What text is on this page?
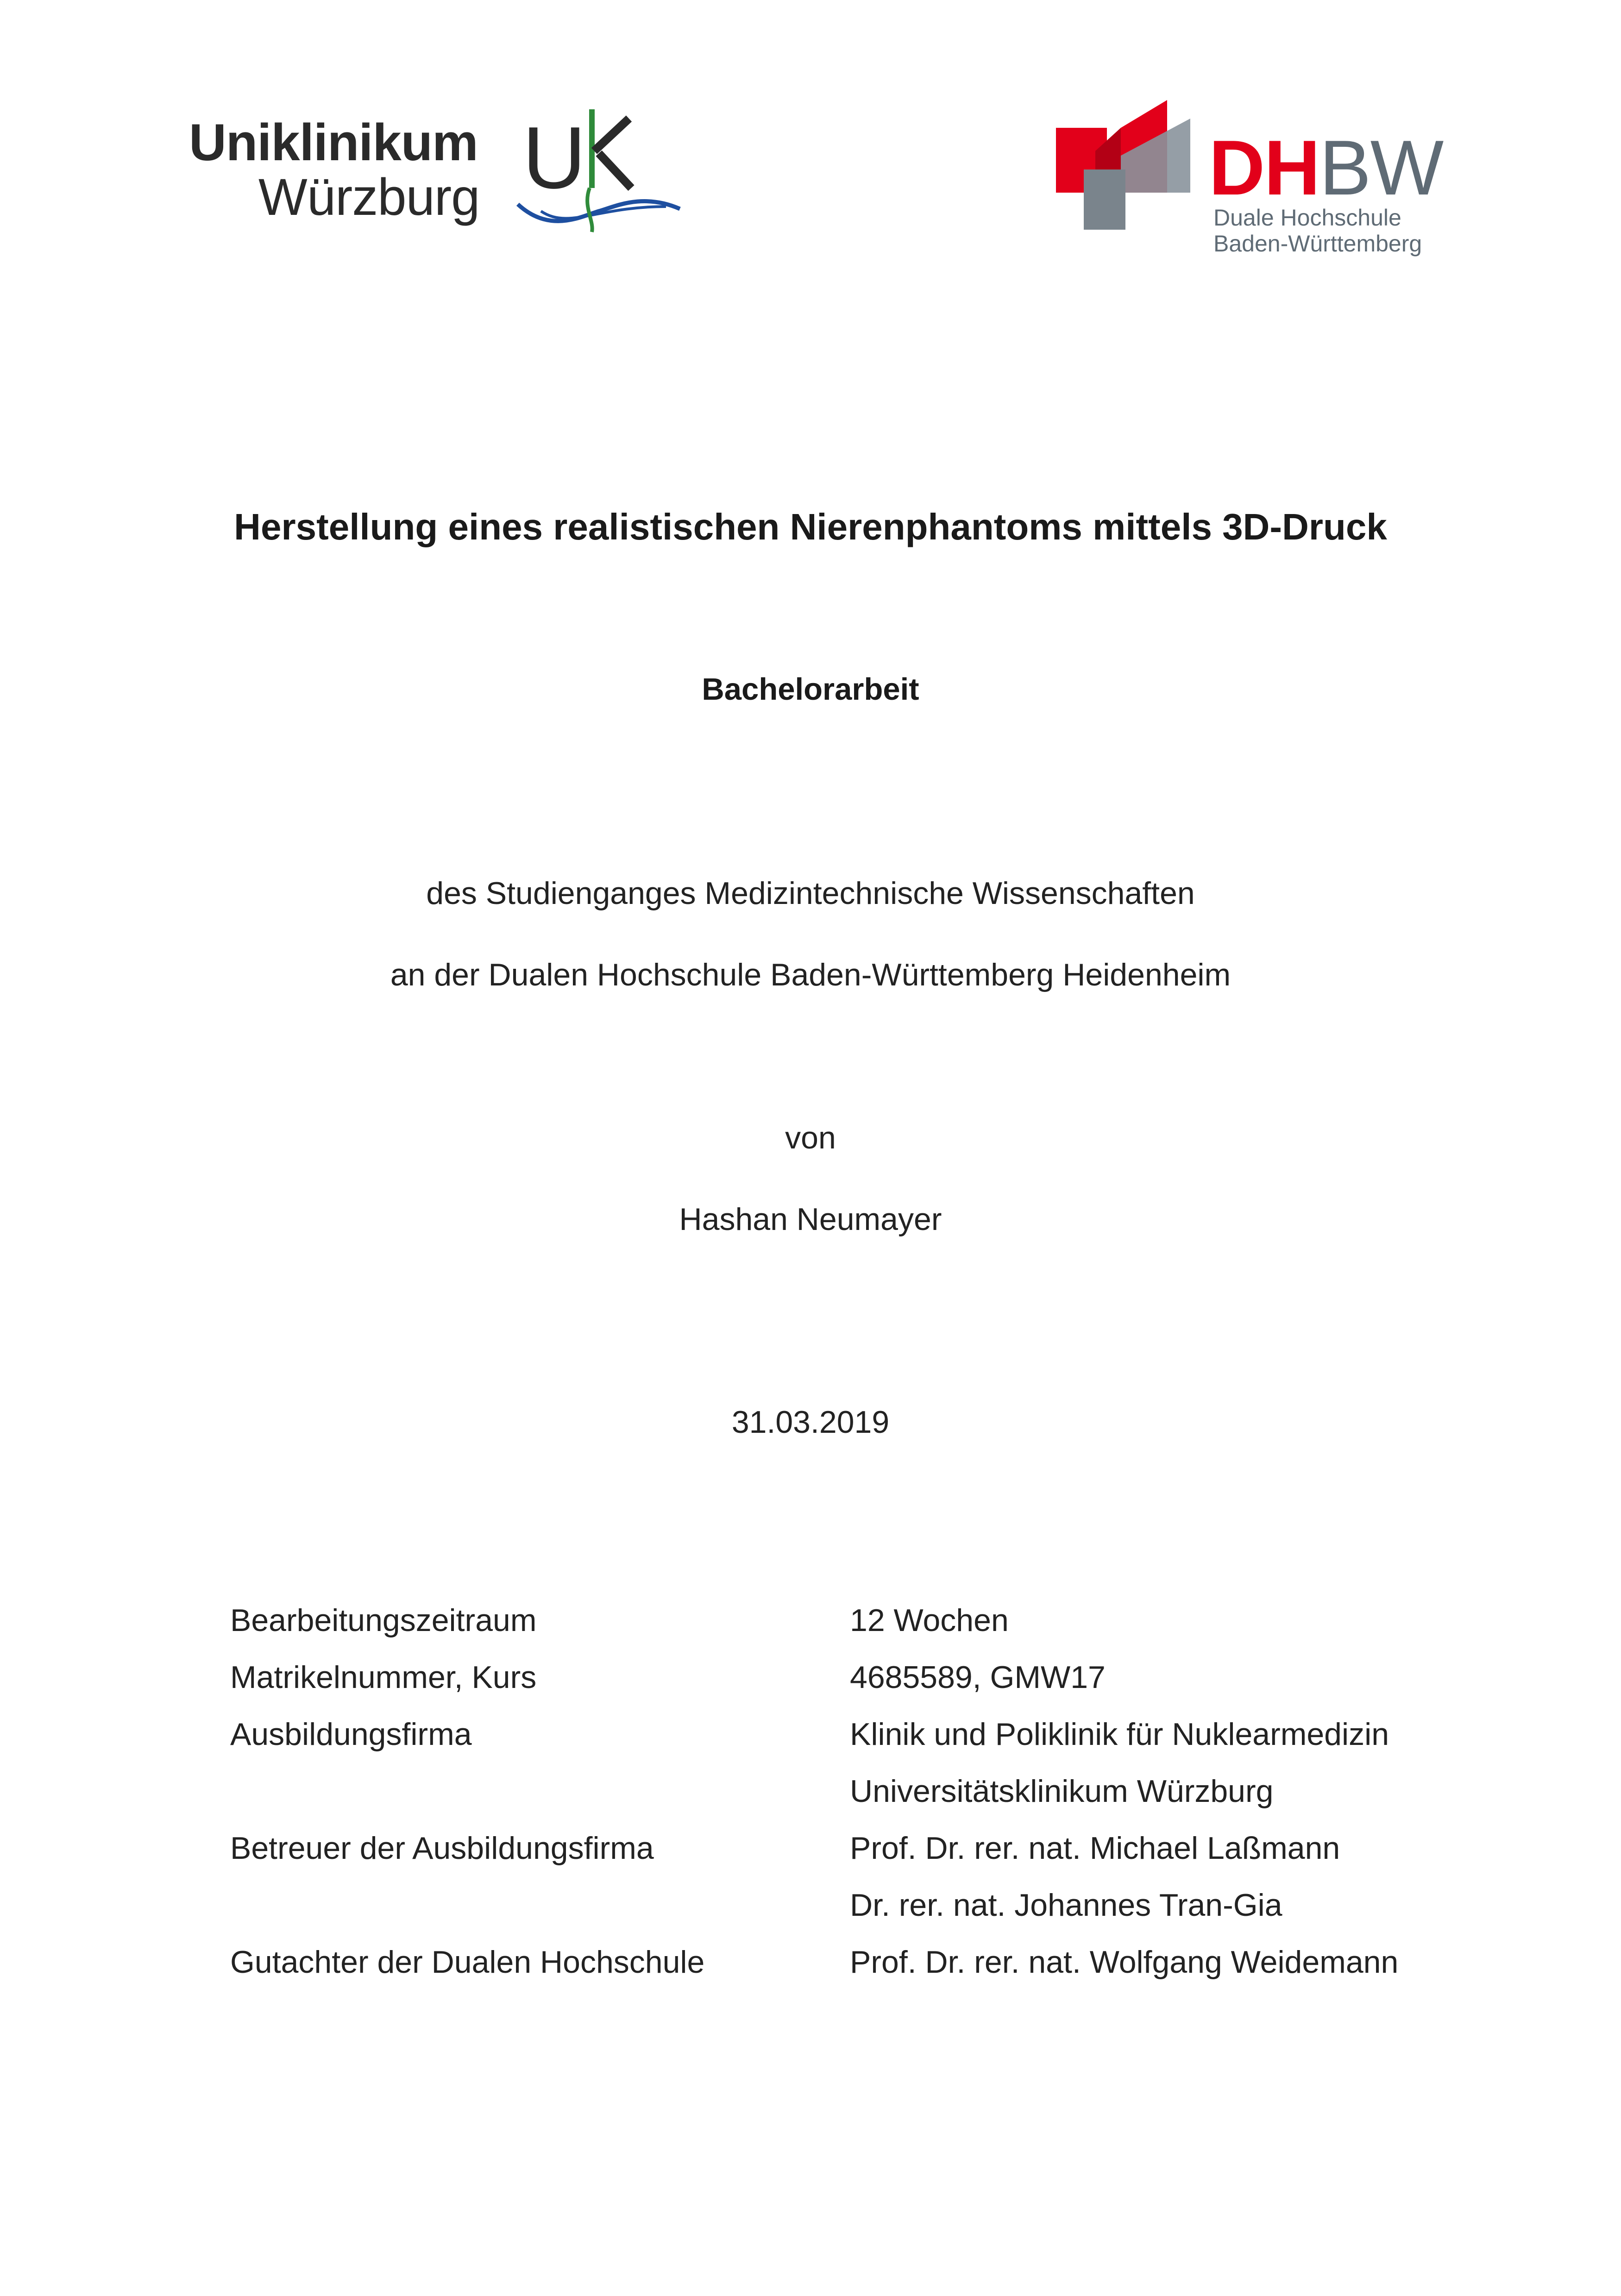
Uniklinikum
Würzburg U	DHBW
Duale Hochschule
Baden-Württemberg
Herstellung eines realistischen Nierenphantoms mittels 3D-Druck
Bachelorarbeit
des Studienganges Medizintechnische Wissenschaften
an der Dualen Hochschule Baden-Württemberg Heidenheim
von
Hashan Neumayer
31.03.2019
Bearbeitungszeitraum	12 Wochen
Matrikelnummer, Kurs	4685589, GMW17
Ausbildungsfirma	Klinik und Poliklinik für Nuklearmedizin
Universitätsklinikum Würzburg
Betreuer der Ausbildungsfirma	Prof. Dr. rer. nat. Michael Laßmann
Dr. rer. nat. Johannes Tran-Gia
Gutachter der Dualen Hochschule	Prof. Dr. rer. nat. Wolfgang Weidemann
